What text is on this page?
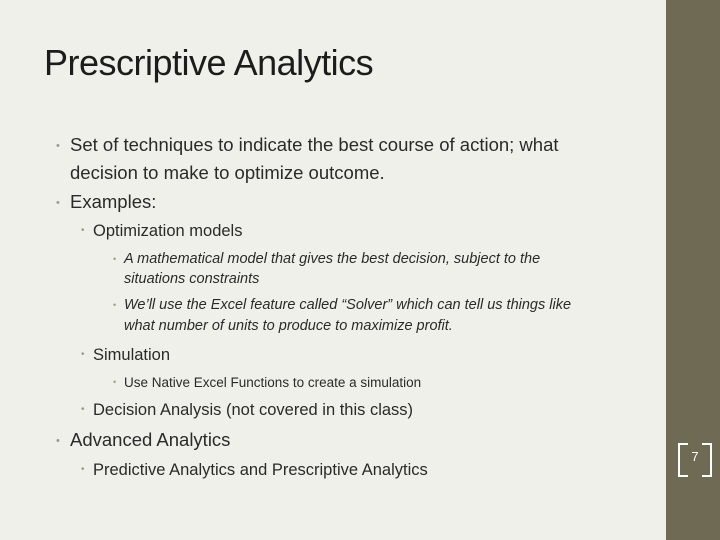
Prescriptive Analytics
• Set of techniques to indicate the best course of action; what
decision to make to optimize outcome.
• Examples:
• Optimization models
• A mathematical model that gives the best decision, subject to the
situations constraints
• We’ll use the Excel feature called “Solver” which can tell us things like
what number of units to produce to maximize profit.
• Simulation
• Use Native Excel Functions to create a simulation
• Decision Analysis (not covered in this class)
• Advanced Analytics
• Predictive Analytics and Prescriptive Analytics
7
